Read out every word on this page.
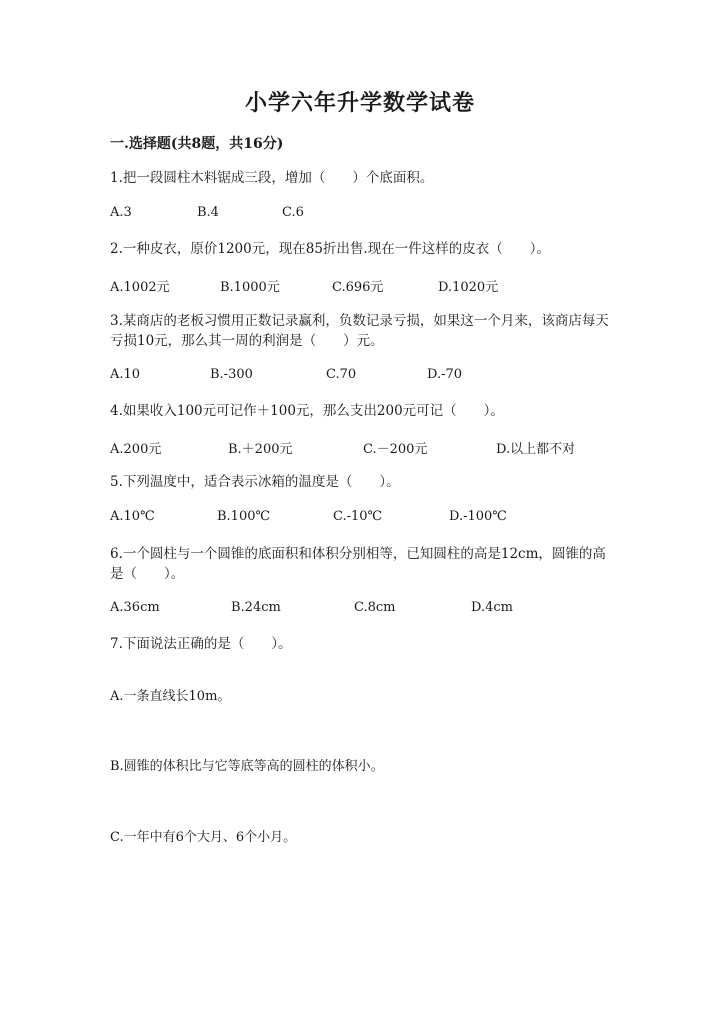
小学六年升学数学试卷
一.选择题(共8题，共16分)
1.把一段圆柱木料锯成三段，增加（　　）个底面积。
A.3	B.4	C.6
2.一种皮衣，原价1200元，现在85折出售.现在一件这样的皮衣（　　）。
A.1002元	B.1000元	C.696元	D.1020元
3.某商店的老板习惯用正数记录赢利，负数记录亏损，如果这一个月来，该商店每天亏损10元，那么其一周的利润是（　　）元。
A.10	B.-300	C.70	D.-70
4.如果收入100元可记作＋100元，那么支出200元可记（　　）。
A.200元	B.＋200元	C.－200元	D.以上都不对
5.下列温度中，适合表示冰箱的温度是（　　）。
A.10℃	B.100℃	C.-10℃	D.-100℃
6.一个圆柱与一个圆锥的底面积和体积分别相等，已知圆柱的高是12cm，圆锥的高是（　　）。
A.36cm	B.24cm	C.8cm	D.4cm
7.下面说法正确的是（　　）。
A.一条直线长10m。
B.圆锥的体积比与它等底等高的圆柱的体积小。
C.一年中有6个大月、6个小月。
